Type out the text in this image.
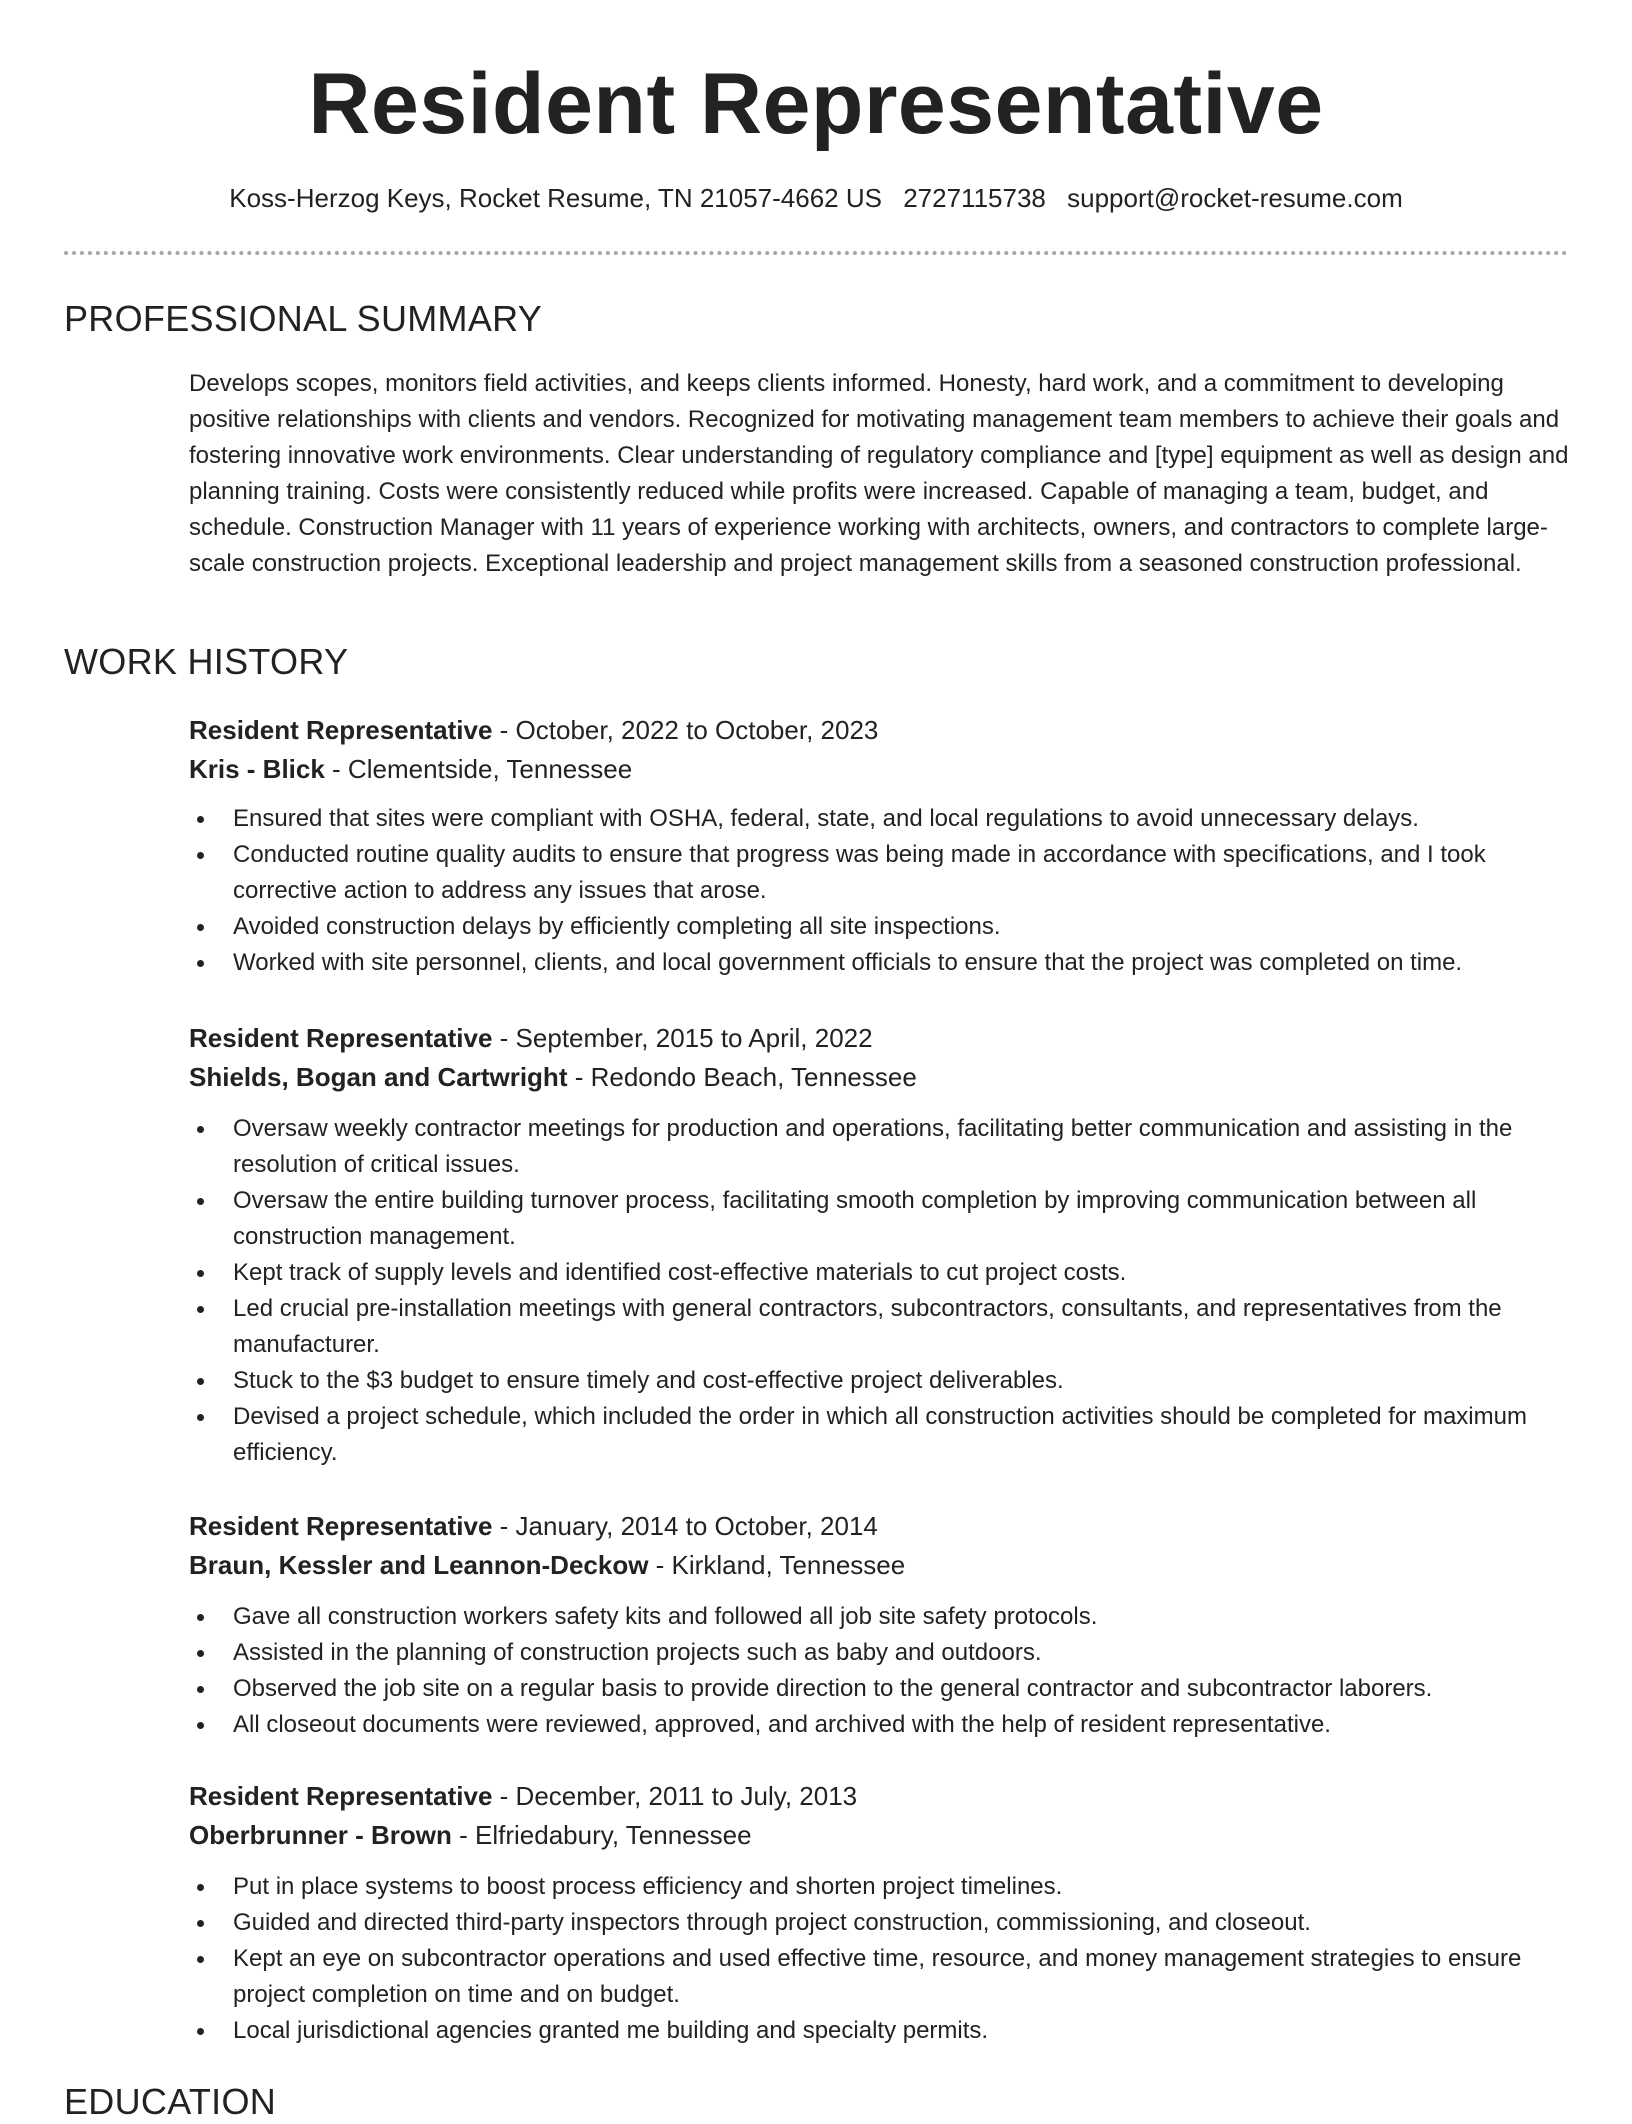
Resident Representative
Koss-Herzog Keys, Rocket Resume, TN 21057-4662 US 2727115738 support@rocket-resume.com
PROFESSIONAL SUMMARY

Develops scopes, monitors field activities, and keeps clients informed. Honesty, hard work, and a commitment to developing positive relationships with clients and vendors. Recognized for motivating management team members to achieve their goals and fostering innovative work environments. Clear understanding of regulatory compliance and [type] equipment as well as design and planning training. Costs were consistently reduced while profits were increased. Capable of managing a team, budget, and schedule. Construction Manager with 11 years of experience working with architects, owners, and contractors to complete large-scale construction projects. Exceptional leadership and project management skills from a seasoned construction professional.

WORK HISTORY
Resident Representative - October, 2022 to October, 2023
Kris - Blick - Clementside, Tennessee
Ensured that sites were compliant with OSHA, federal, state, and local regulations to avoid unnecessary delays.
Conducted routine quality audits to ensure that progress was being made in accordance with specifications, and I took corrective action to address any issues that arose.
Avoided construction delays by efficiently completing all site inspections.
Worked with site personnel, clients, and local government officials to ensure that the project was completed on time.
Resident Representative - September, 2015 to April, 2022
Shields, Bogan and Cartwright - Redondo Beach, Tennessee
Oversaw weekly contractor meetings for production and operations, facilitating better communication and assisting in the resolution of critical issues.
Oversaw the entire building turnover process, facilitating smooth completion by improving communication between all construction management.
Kept track of supply levels and identified cost-effective materials to cut project costs.
Led crucial pre-installation meetings with general contractors, subcontractors, consultants, and representatives from the manufacturer.
Stuck to the $3 budget to ensure timely and cost-effective project deliverables.
Devised a project schedule, which included the order in which all construction activities should be completed for maximum efficiency.
Resident Representative - January, 2014 to October, 2014
Braun, Kessler and Leannon-Deckow - Kirkland, Tennessee
Gave all construction workers safety kits and followed all job site safety protocols.
Assisted in the planning of construction projects such as baby and outdoors.
Observed the job site on a regular basis to provide direction to the general contractor and subcontractor laborers.
All closeout documents were reviewed, approved, and archived with the help of resident representative.
Resident Representative - December, 2011 to July, 2013
Oberbrunner - Brown - Elfriedabury, Tennessee
Put in place systems to boost process efficiency and shorten project timelines.
Guided and directed third-party inspectors through project construction, commissioning, and closeout.
Kept an eye on subcontractor operations and used effective time, resource, and money management strategies to ensure project completion on time and on budget.
Local jurisdictional agencies granted me building and specialty permits.
EDUCATION
